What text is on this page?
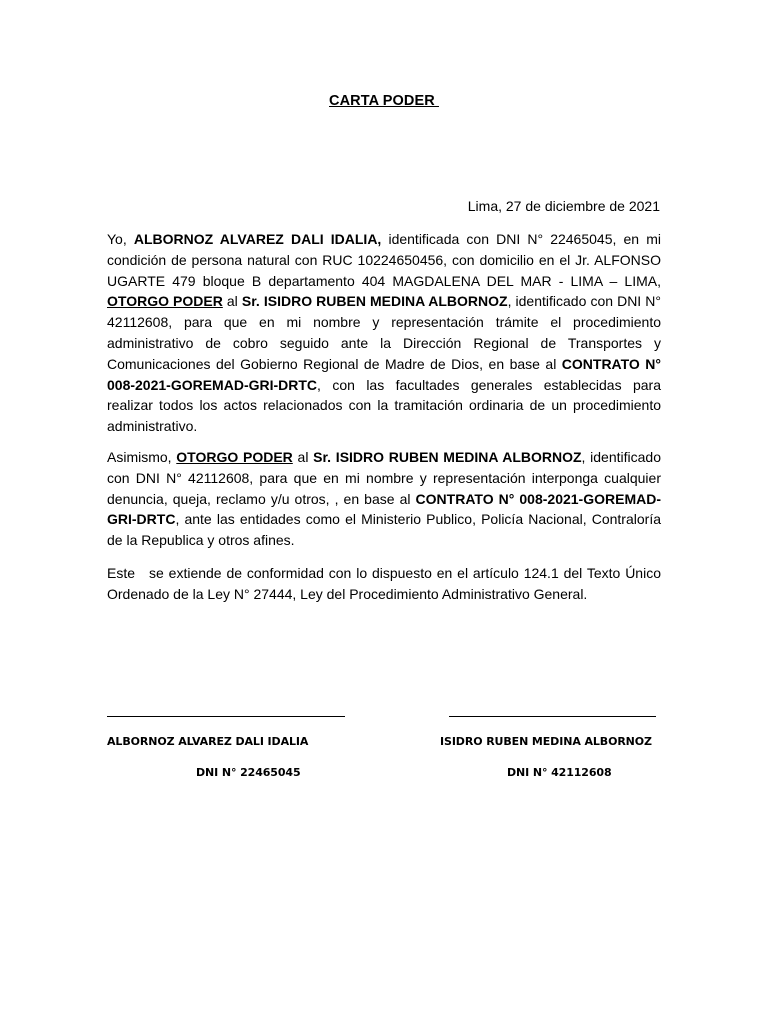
CARTA PODER
Lima, 27 de diciembre de 2021

Yo, ALBORNOZ ALVAREZ DALI IDALIA, identificada con DNI N° 22465045, en mi condición de persona natural con RUC 10224650456, con domicilio en el Jr. ALFONSO UGARTE 479 bloque B departamento 404 MAGDALENA DEL MAR - LIMA – LIMA, OTORGO PODER al Sr. ISIDRO RUBEN MEDINA ALBORNOZ, identificado con DNI N° 42112608, para que en mi nombre y representación trámite el procedimiento administrativo de cobro seguido ante la Dirección Regional de Transportes y Comunicaciones del Gobierno Regional de Madre de Dios, en base al CONTRATO N° 008-2021-GOREMAD-GRI-DRTC, con las facultades generales establecidas para realizar todos los actos relacionados con la tramitación ordinaria de un procedimiento administrativo.

Asimismo, OTORGO PODER al Sr. ISIDRO RUBEN MEDINA ALBORNOZ, identificado con DNI N° 42112608, para que en mi nombre y representación interponga cualquier denuncia, queja, reclamo y/u otros, , en base al CONTRATO N° 008-2021-GOREMAD-GRI-DRTC, ante las entidades como el Ministerio Publico, Policía Nacional, Contraloría de la Republica y otros afines.

Este se extiende de conformidad con lo dispuesto en el artículo 124.1 del Texto Único Ordenado de la Ley N° 27444, Ley del Procedimiento Administrativo General.

ALBORNOZ ALVAREZ DALI IDALIA	ISIDRO RUBEN MEDINA ALBORNOZ
DNI N° 22465045	DNI N° 42112608
